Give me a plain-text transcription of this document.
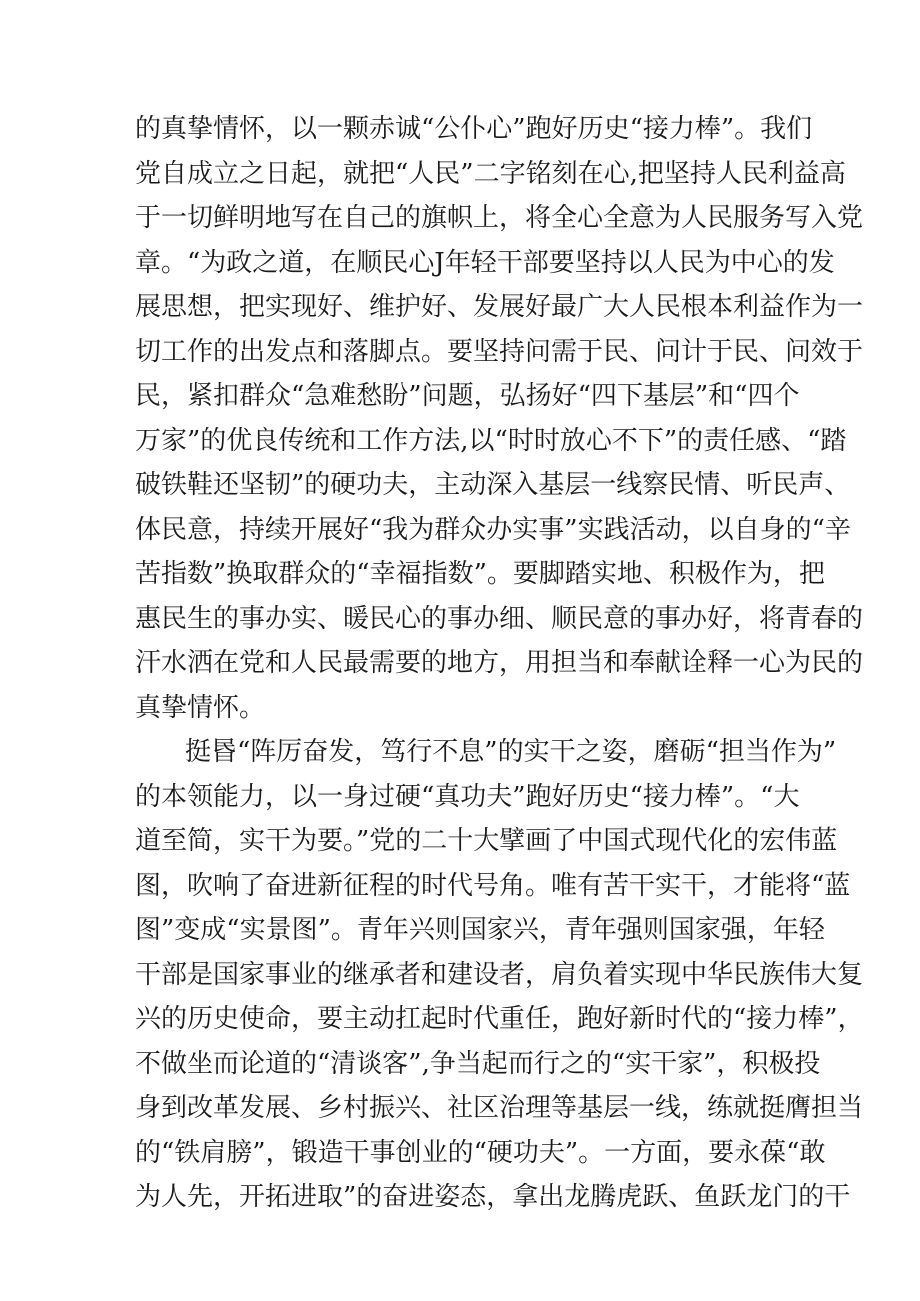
的真挚情怀，以一颗赤诚“公仆心”跑好历史“接力棒”。我们
党自成立之日起，就把“人民”二字铭刻在心,把坚持人民利益高
于一切鲜明地写在自己的旗帜上，将全心全意为人民服务写入党
章。“为政之道，在顺民心J年轻干部要坚持以人民为中心的发
展思想，把实现好、维护好、发展好最广大人民根本利益作为一
切工作的出发点和落脚点。要坚持问需于民、问计于民、问效于
民，紧扣群众“急难愁盼”问题，弘扬好“四下基层”和“四个
万家”的优良传统和工作方法,以“时时放心不下”的责任感、“踏
破铁鞋还坚韧”的硬功夫，主动深入基层一线察民情、听民声、
体民意，持续开展好“我为群众办实事”实践活动，以自身的“辛
苦指数”换取群众的“幸福指数”。要脚踏实地、积极作为，把
惠民生的事办实、暖民心的事办细、顺民意的事办好，将青春的
汗水洒在党和人民最需要的地方，用担当和奉献诠释一心为民的
真挚情怀。
挺昬“阵厉奋发，笃行不息”的实干之姿，磨砺“担当作为”
的本领能力，以一身过硬“真功夫”跑好历史“接力棒”。“大
道至简，实干为要。”党的二十大擘画了中国式现代化的宏伟蓝
图，吹响了奋进新征程的时代号角。唯有苦干实干，才能将“蓝
图”变成“实景图”。青年兴则国家兴，青年强则国家强，年轻
干部是国家事业的继承者和建设者，肩负着实现中华民族伟大复
兴的历史使命，要主动扛起时代重任，跑好新时代的“接力棒”，
不做坐而论道的“清谈客”,争当起而行之的“实干家”，积极投
身到改革发展、乡村振兴、社区治理等基层一线，练就挺膺担当
的“铁肩膀”，锻造干事创业的“硬功夫”。一方面，要永葆“敢
为人先，开拓进取”的奋进姿态，拿出龙腾虎跃、鱼跃龙门的干
